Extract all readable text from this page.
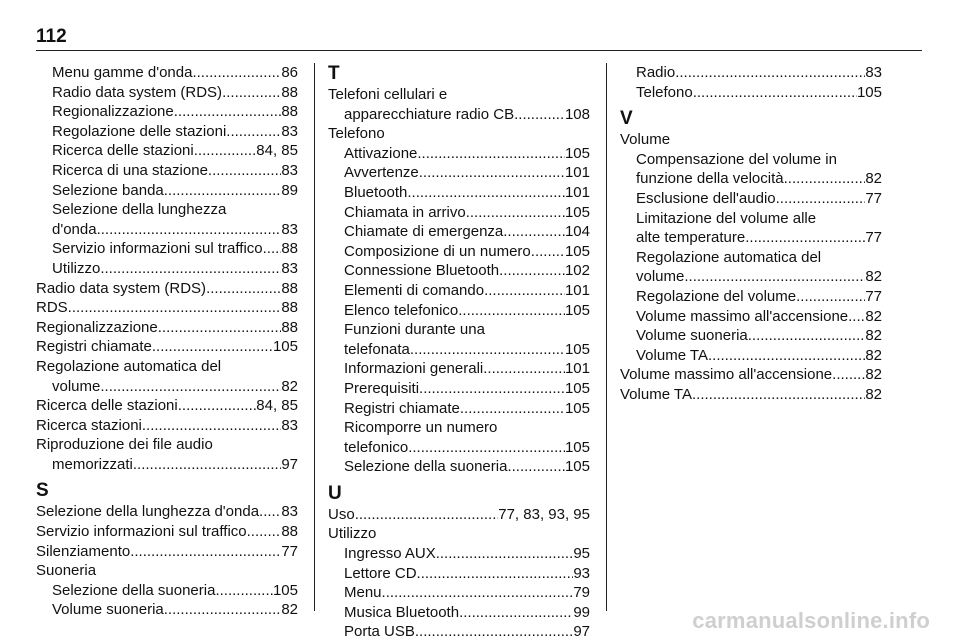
112
Menu gamme d'onda .....	86
Radio data system (RDS) .....	88
Regionalizzazione .....	88
Regolazione delle stazioni .....	83
Ricerca delle stazioni .....	84, 85
Ricerca di una stazione .....	83
Selezione banda .....	89
Selezione della lunghezza
d'onda .....	83
Servizio informazioni sul traffico ..... 88
Utilizzo .....	83
Radio data system (RDS) .....	88
RDS .....	88
Regionalizzazione .....	88
Registri chiamate .....	105
Regolazione automatica del
volume .....	82
Ricerca delle stazioni .....	84, 85
Ricerca stazioni .....	83
Riproduzione dei file audio
memorizzati .....	97
S
Selezione della lunghezza d'onda ..... 83
Servizio informazioni sul traffico ..... 88
Silenziamento .....	77
Suoneria
Selezione della suoneria .....	105
Volume suoneria .....	82
T
Telefoni cellulari e
apparecchiature radio CB .....	108
Telefono
Attivazione .....	105
Avvertenze .....	101
Bluetooth .....	101
Chiamata in arrivo .....	105
Chiamate di emergenza .....	104
Composizione di un numero ..... 105
Connessione Bluetooth .....	102
Elementi di comando .....	101
Elenco telefonico .....	105
Funzioni durante una
telefonata .....	105
Informazioni generali .....	101
Prerequisiti .....	105
Registri chiamate .....	105
Ricomporre un numero
telefonico .....	105
Selezione della suoneria .....	105
U
Uso .....	77, 83, 93, 95
Utilizzo
Ingresso AUX .....	95
Lettore CD .....	93
Menu .....	79
Musica Bluetooth .....	99
Porta USB .....	97
Radio .....	83
Telefono .....	105
V
Volume
Compensazione del volume in
funzione della velocità .....	82
Esclusione dell'audio .....	77
Limitazione del volume alle
alte temperature .....	77
Regolazione automatica del
volume .....	82
Regolazione del volume .....	77
Volume massimo all'accensione ..... 82
Volume suoneria .....	82
Volume TA .....	82
Volume massimo all'accensione. ..... 82
Volume TA .....	82
carmanualsonline.info
